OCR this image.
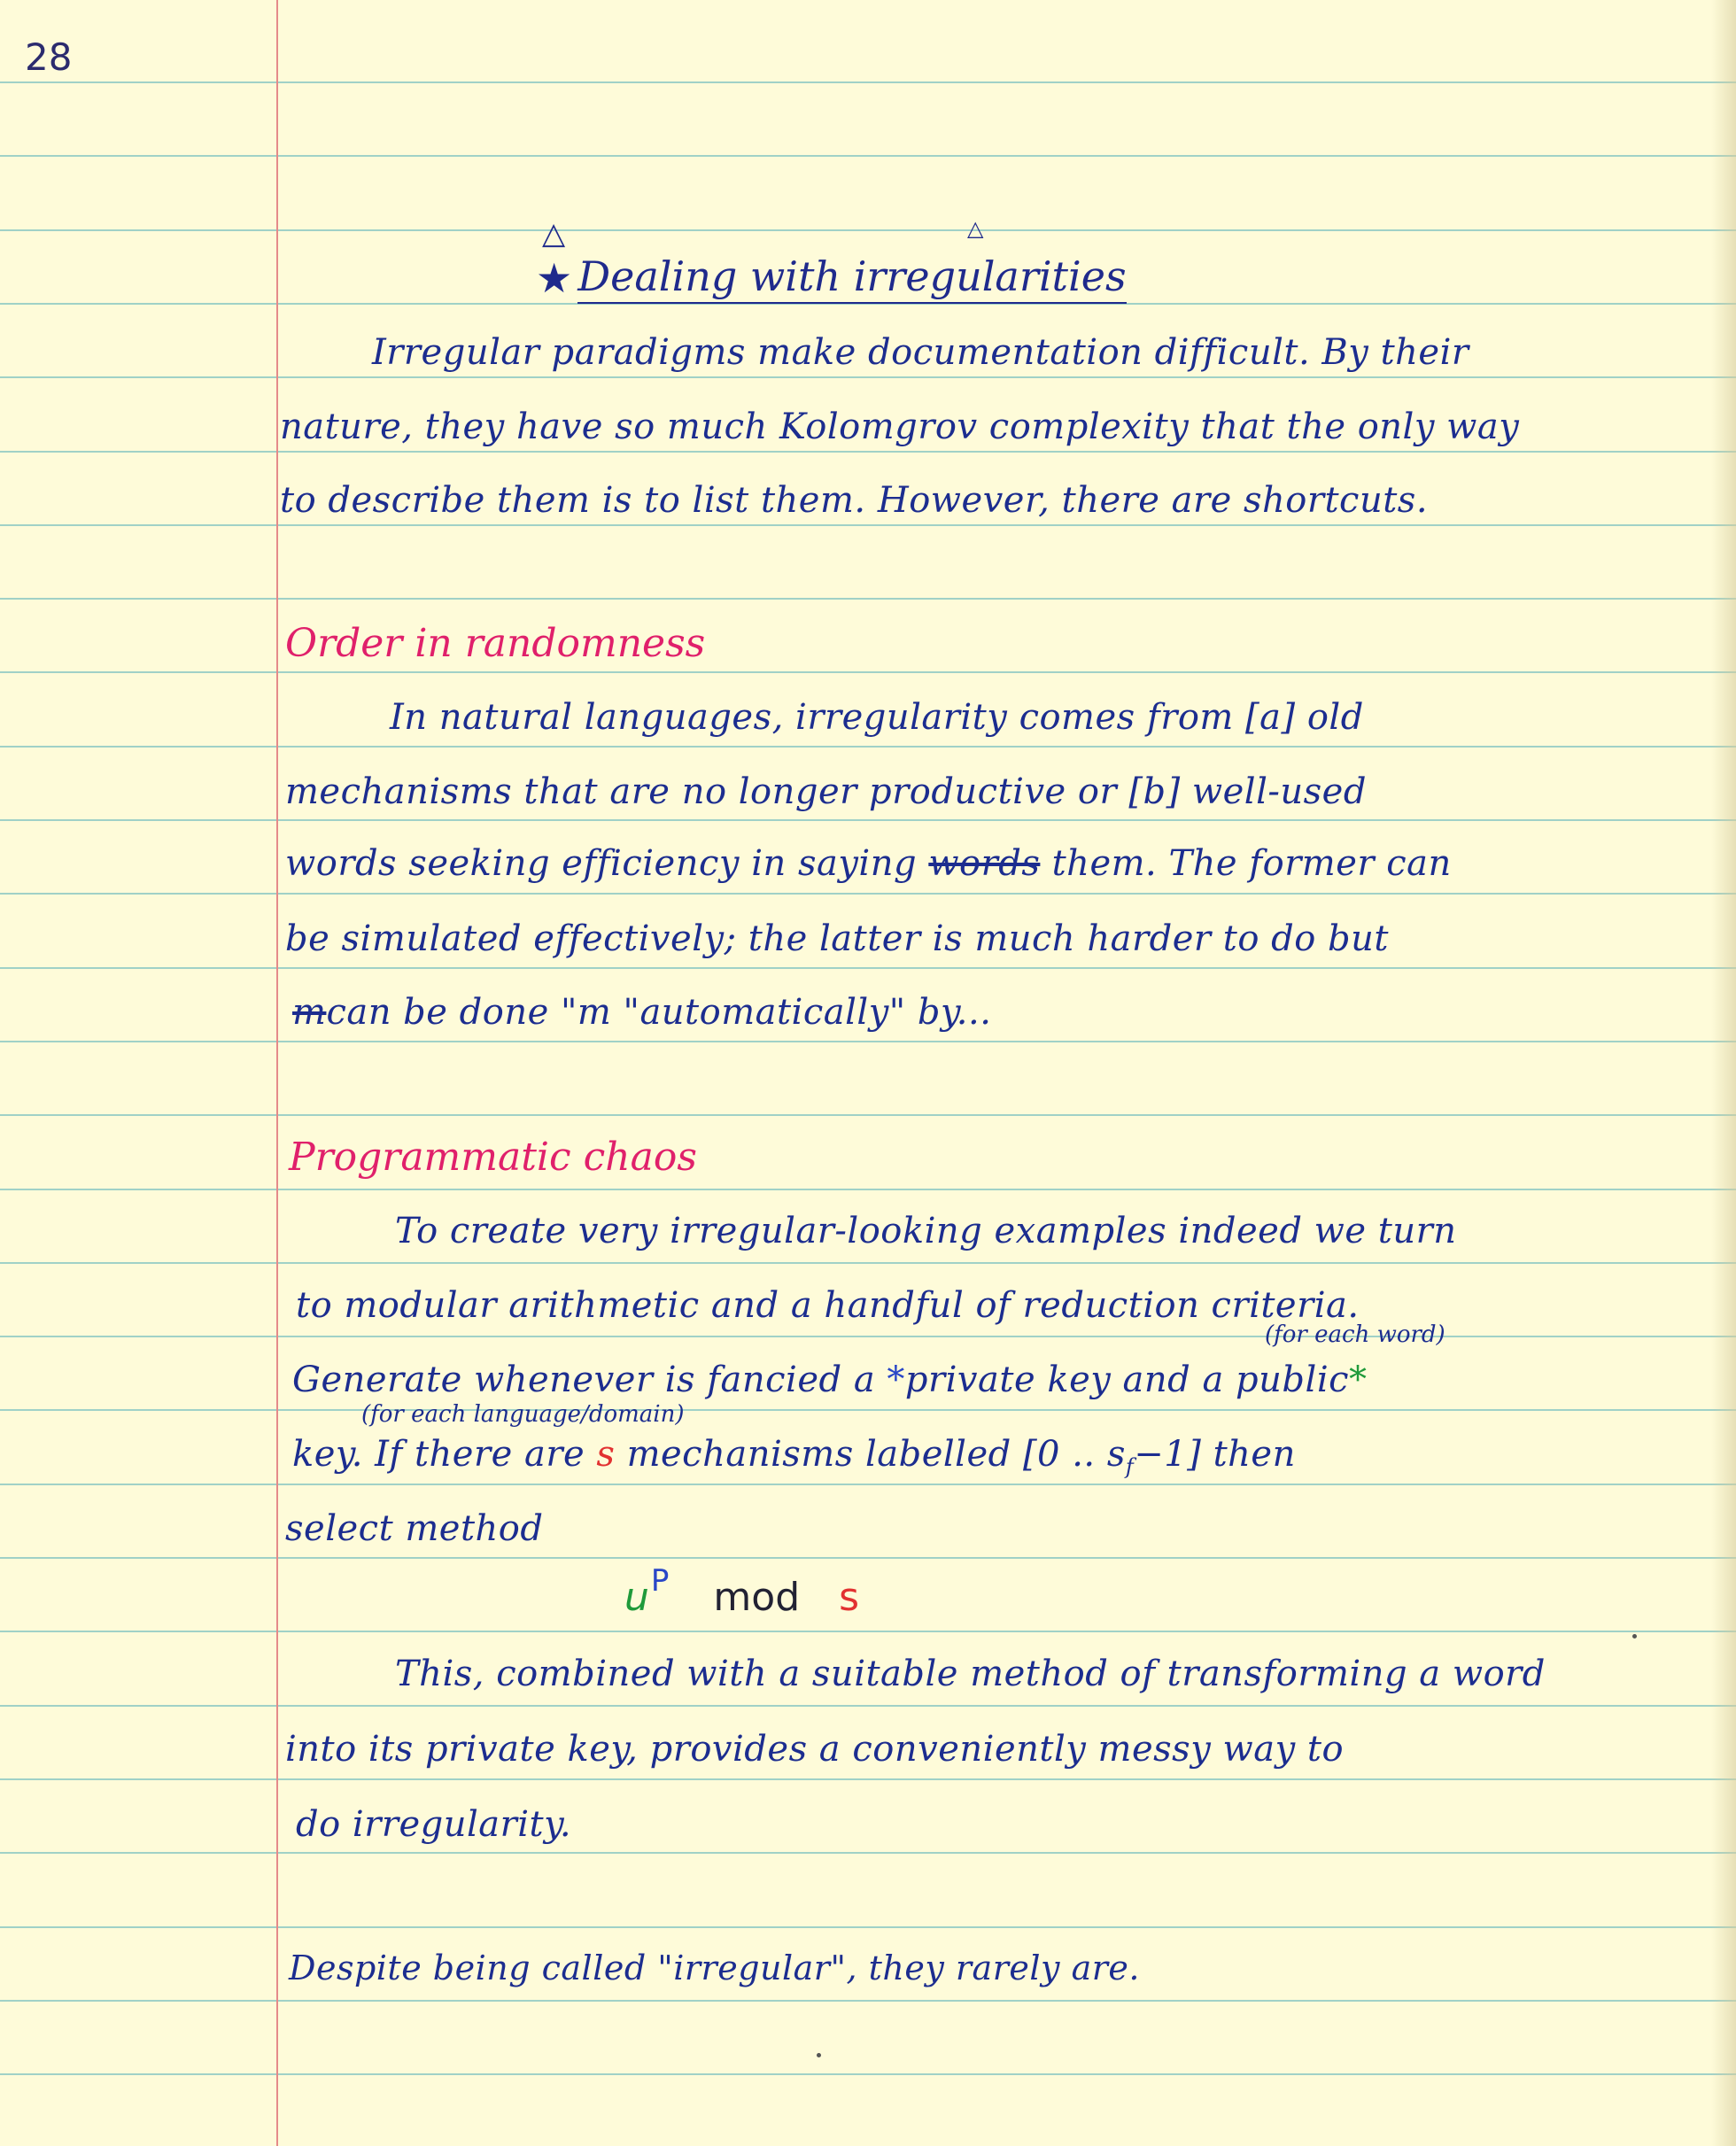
28
△	△
★ Dealing with irregularities
Irregular paradigms make documentation difficult. By their
nature, they have so much Kolomgrov complexity that the only way
to describe them is to list them. However, there are shortcuts.
Order in randomness
In natural languages, irregularity comes from [a] old
mechanisms that are no longer productive or [b] well-used
words seeking efficiency in saying words them. The former can
be simulated effectively; the latter is much harder to do but
mcan be done "m "automatically" by...
Programmatic chaos
To create very irregular-looking examples indeed we turn
to modular arithmetic and a handful of reduction criteria.
(for each word)
Generate whenever is fancied a *private key and a public*
(for each language/domain)
key. If there are s mechanisms labelled [0 .. $s_f-1$] then
select method
$u^P$ mod s
This, combined with a suitable method of transforming a word
into its private key, provides a conveniently messy way to
do irregularity.
Despite being called "irregular", they rarely are.
